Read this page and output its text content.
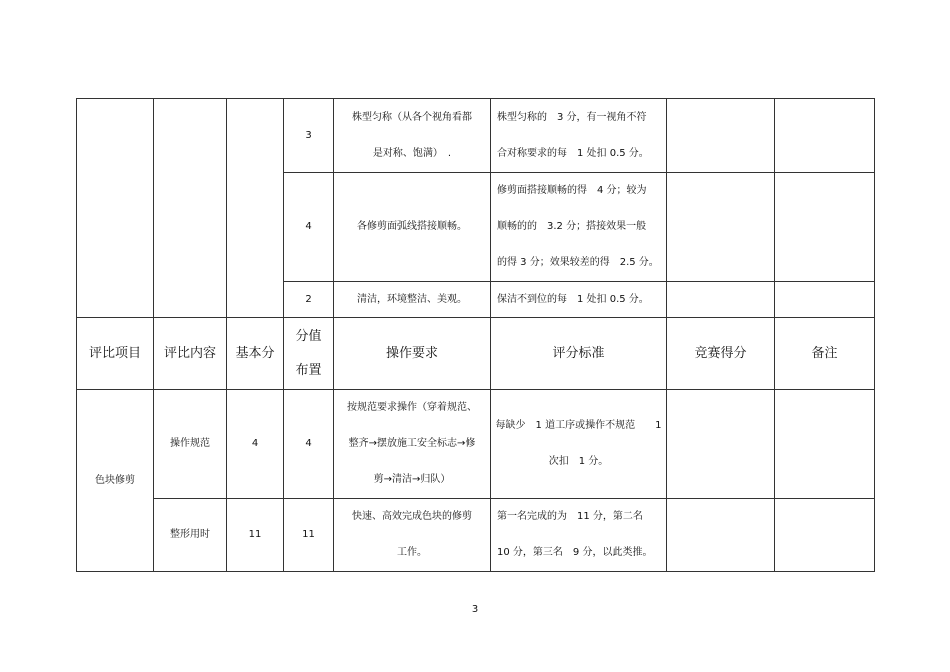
			3	株型匀称（从各个视角看都
是对称、饱满）　.	株型匀称的　3 分，有一视角不符
合对称要求的每　1 处扣 0.5 分。		

			4	各修剪面弧线搭接顺畅。	修剪面搭接顺畅的得　4 分；较为
顺畅的的　3.2 分；搭接效果一般
的得 3 分；效果较差的得　2.5 分。		

			2	清洁，环境整洁、美观。	保洁不到位的每　1 处扣 0.5 分。		
评比项目	评比内容	基本分	分值
布置	操作要求	评分标准	竞赛得分	备注
色块修剪	操作规范	4	4	按规范要求操作（穿着规范、
整齐→摆放施工安全标志→修
剪→清洁→归队）	每缺少　1 道工序或操作不规范　　1
次扣　1 分。		

	整形用时	11	11	快速、高效完成色块的修剪
工作。	第一名完成的为　11 分，第二名
10 分，第三名　9 分，以此类推。		

3
